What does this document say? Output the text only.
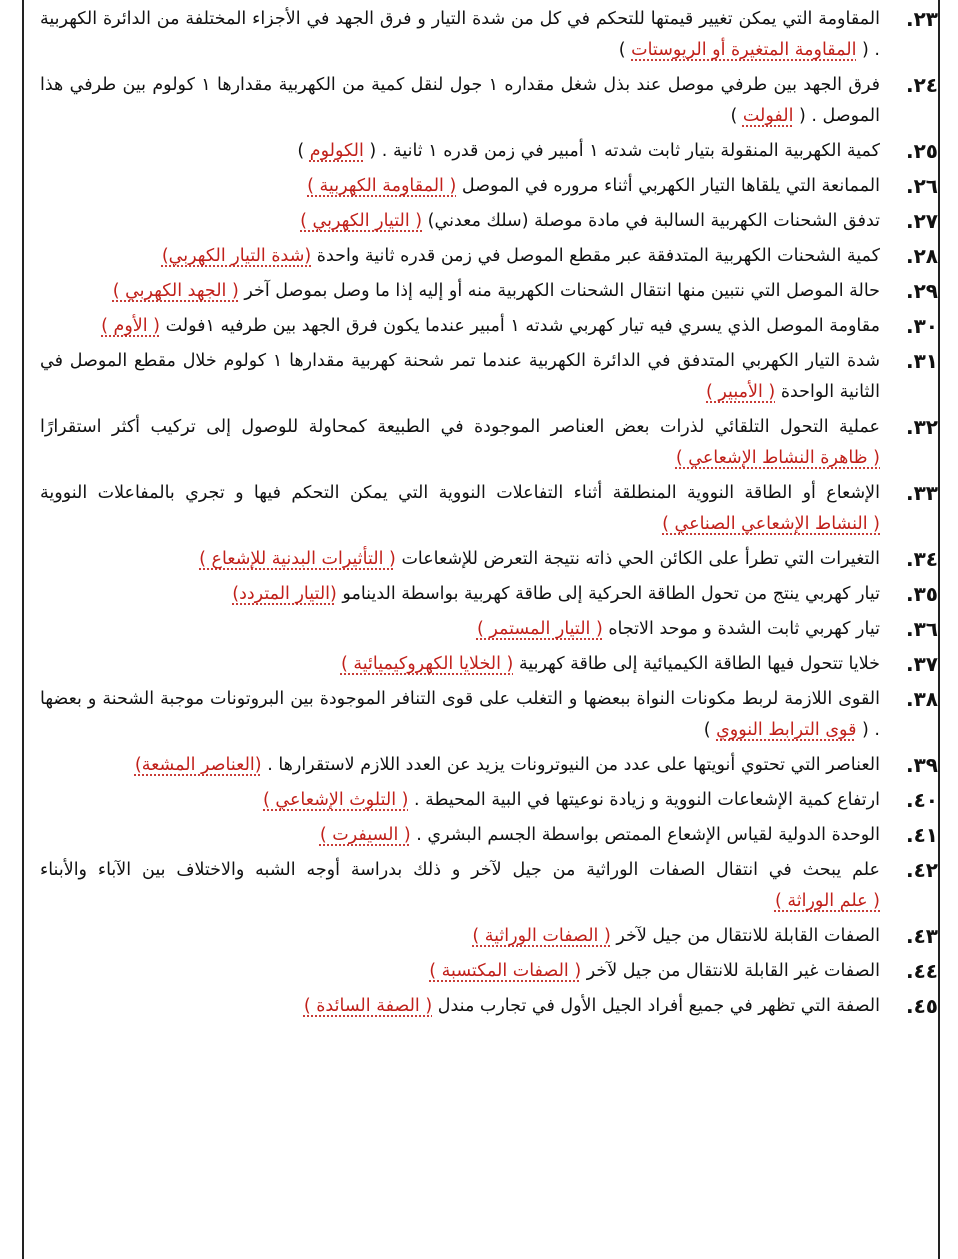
٢٣.
المقاومة التي يمكن تغيير قيمتها للتحكم في كل من شدة التيار و فرق الجهد في الأجزاء المختلفة من الدائرة الكهربية . ( المقاومة المتغيرة أو الريوستات )
٢٤.
فرق الجهد بين طرفي موصل عند بذل شغل مقداره ١ جول لنقل كمية من الكهربية مقدارها ١ كولوم بين طرفي هذا الموصل . ( الفولت )
٢٥.
كمية الكهربية المنقولة بتيار ثابت شدته ١ أمبير في زمن قدره ١ ثانية . ( الكولوم )
٢٦.
الممانعة التي يلقاها التيار الكهربي أثناء مروره في الموصل ( المقاومة الكهربية )
٢٧.
تدفق الشحنات الكهربية السالبة في مادة موصلة (سلك معدني) ( التيار الكهربي )
٢٨.
كمية الشحنات الكهربية المتدفقة عبر مقطع الموصل في زمن قدره ثانية واحدة (شدة التيار الكهربي)
٢٩.
حالة الموصل التي نتبين منها انتقال الشحنات الكهربية منه أو إليه إذا ما وصل بموصل آخر ( الجهد الكهربي )
٣٠.
مقاومة الموصل الذي يسري فيه تيار كهربي شدته ١ أمبير عندما يكون فرق الجهد بين طرفيه ١فولت ( الأوم )
٣١.
شدة التيار الكهربي المتدفق في الدائرة الكهربية عندما تمر شحنة كهربية مقدارها ١ كولوم خلال مقطع الموصل في الثانية الواحدة ( الأمبير )
٣٢.
عملية التحول التلقائي لذرات بعض العناصر الموجودة في الطبيعة كمحاولة للوصول إلى تركيب أكثر استقرارًا ( ظاهرة النشاط الإشعاعي )
٣٣.
الإشعاع أو الطاقة النووية المنطلقة أثناء التفاعلات النووية التي يمكن التحكم فيها و تجري بالمفاعلات النووية ( النشاط الإشعاعي الصناعي )
٣٤.
التغيرات التي تطرأ على الكائن الحي ذاته نتيجة التعرض للإشعاعات ( التأثيرات البدنية للإشعاع )
٣٥.
تيار كهربي ينتج من تحول الطاقة الحركية إلى طاقة كهربية بواسطة الدينامو (التيار المتردد)
٣٦.
تيار كهربي ثابت الشدة و موحد الاتجاه ( التيار المستمر )
٣٧.
خلايا تتحول فيها الطاقة الكيميائية إلى طاقة كهربية ( الخلايا الكهروكيميائية )
٣٨.
القوى اللازمة لربط مكونات النواة ببعضها و التغلب على قوى التنافر الموجودة بين البروتونات موجبة الشحنة و بعضها . ( قوى الترابط النووي )
٣٩.
العناصر التي تحتوي أنويتها على عدد من النيوترونات يزيد عن العدد اللازم لاستقرارها . (العناصر المشعة)
٤٠.
ارتفاع كمية الإشعاعات النووية و زيادة نوعيتها في البية المحيطة . ( التلوث الإشعاعي )
٤١.
الوحدة الدولية لقياس الإشعاع الممتص بواسطة الجسم البشري . ( السيفرت )
٤٢.
علم يبحث في انتقال الصفات الوراثية من جيل لآخر و ذلك بدراسة أوجه الشبه والاختلاف بين الآباء والأبناء ( علم الوراثة )
٤٣.
الصفات القابلة للانتقال من جيل لآخر ( الصفات الوراثية )
٤٤.
الصفات غير القابلة للانتقال من جيل لآخر ( الصفات المكتسبة )
٤٥.
الصفة التي تظهر في جميع أفراد الجيل الأول في تجارب مندل ( الصفة السائدة )
